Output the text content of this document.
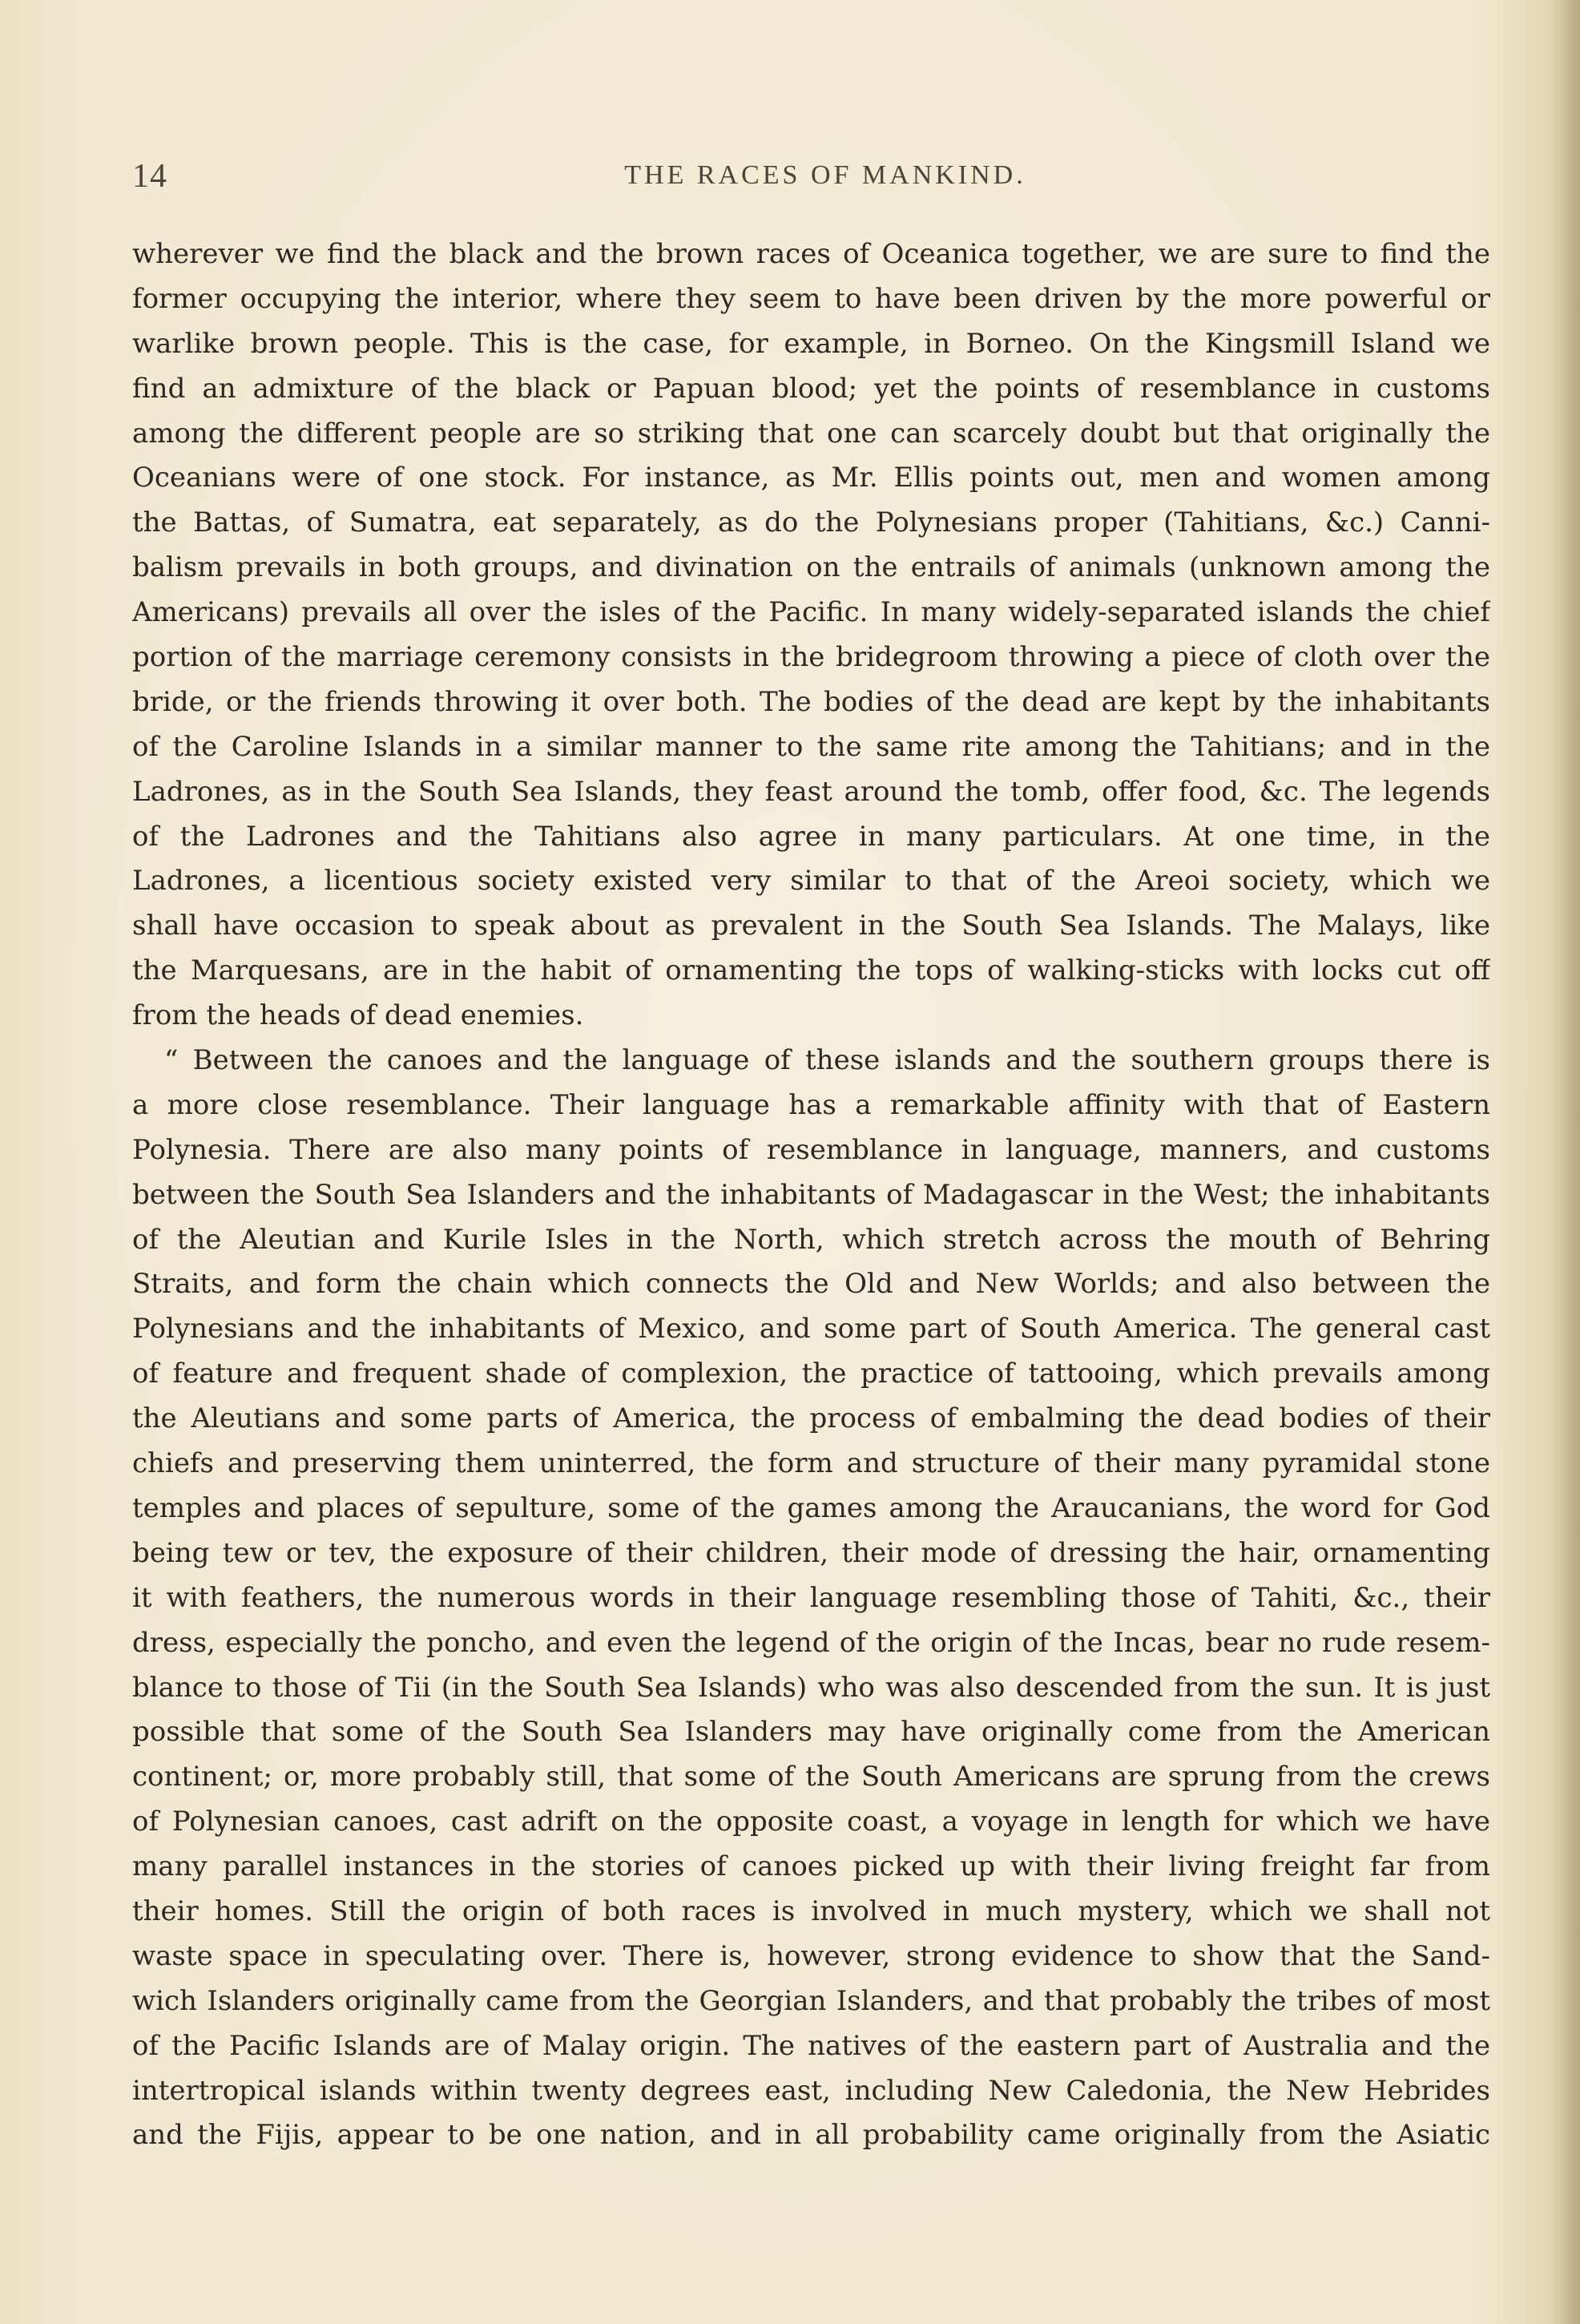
14	THE RACES OF MANKIND.
wherever we find the black and the brown races of Oceanica together, we are sure to find the
former occupying the interior, where they seem to have been driven by the more powerful or
warlike brown people. This is the case, for example, in Borneo. On the Kingsmill Island we
find an admixture of the black or Papuan blood; yet the points of resemblance in customs
among the different people are so striking that one can scarcely doubt but that originally the
Oceanians were of one stock. For instance, as Mr. Ellis points out, men and women among
the Battas, of Sumatra, eat separately, as do the Polynesians proper (Tahitians, &c.) Canni-
balism prevails in both groups, and divination on the entrails of animals (unknown among the
Americans) prevails all over the isles of the Pacific. In many widely-separated islands the chief
portion of the marriage ceremony consists in the bridegroom throwing a piece of cloth over the
bride, or the friends throwing it over both. The bodies of the dead are kept by the inhabitants
of the Caroline Islands in a similar manner to the same rite among the Tahitians; and in the
Ladrones, as in the South Sea Islands, they feast around the tomb, offer food, &c. The legends
of the Ladrones and the Tahitians also agree in many particulars. At one time, in the
Ladrones, a licentious society existed very similar to that of the Areoi society, which we
shall have occasion to speak about as prevalent in the South Sea Islands. The Malays, like
the Marquesans, are in the habit of ornamenting the tops of walking-sticks with locks cut off
from the heads of dead enemies.
“ Between the canoes and the language of these islands and the southern groups there is
a more close resemblance. Their language has a remarkable affinity with that of Eastern
Polynesia. There are also many points of resemblance in language, manners, and customs
between the South Sea Islanders and the inhabitants of Madagascar in the West; the inhabitants
of the Aleutian and Kurile Isles in the North, which stretch across the mouth of Behring
Straits, and form the chain which connects the Old and New Worlds; and also between the
Polynesians and the inhabitants of Mexico, and some part of South America. The general cast
of feature and frequent shade of complexion, the practice of tattooing, which prevails among
the Aleutians and some parts of America, the process of embalming the dead bodies of their
chiefs and preserving them uninterred, the form and structure of their many pyramidal stone
temples and places of sepulture, some of the games among the Araucanians, the word for God
being tew or tev, the exposure of their children, their mode of dressing the hair, ornamenting
it with feathers, the numerous words in their language resembling those of Tahiti, &c., their
dress, especially the poncho, and even the legend of the origin of the Incas, bear no rude resem-
blance to those of Tii (in the South Sea Islands) who was also descended from the sun. It is just
possible that some of the South Sea Islanders may have originally come from the American
continent; or, more probably still, that some of the South Americans are sprung from the crews
of Polynesian canoes, cast adrift on the opposite coast, a voyage in length for which we have
many parallel instances in the stories of canoes picked up with their living freight far from
their homes. Still the origin of both races is involved in much mystery, which we shall not
waste space in speculating over. There is, however, strong evidence to show that the Sand-
wich Islanders originally came from the Georgian Islanders, and that probably the tribes of most
of the Pacific Islands are of Malay origin. The natives of the eastern part of Australia and the
intertropical islands within twenty degrees east, including New Caledonia, the New Hebrides
and the Fijis, appear to be one nation, and in all probability came originally from the Asiatic
